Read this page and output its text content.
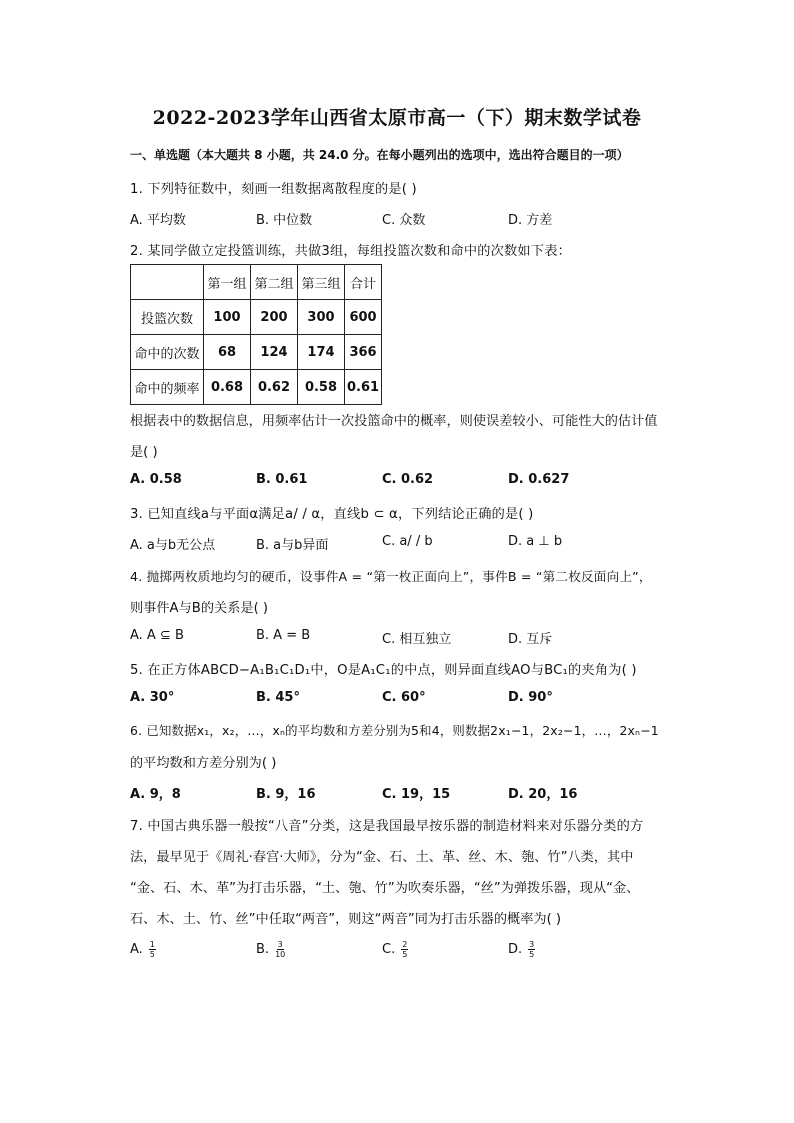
2022-2023学年山西省太原市高一（下）期末数学试卷
一、单选题（本大题共 8 小题，共 24.0 分。在每小题列出的选项中，选出符合题目的一项）
1. 下列特征数中，刻画一组数据离散程度的是( )
A. 平均数	B. 中位数	C. 众数	D. 方差
2. 某同学做立定投篮训练，共做3组，每组投篮次数和命中的次数如下表：
	第一组	第二组	第三组	合计
投篮次数	100	200	300	600
命中的次数	68	124	174	366
命中的频率	0.68	0.62	0.58	0.61
根据表中的数据信息，用频率估计一次投篮命中的概率，则使误差较小、可能性大的估计值
是( )
A. 0.58	B. 0.61	C. 0.62	D. 0.627
3. 已知直线a与平面α满足a/ / α，直线b ⊂ α，下列结论正确的是( )
A. a与b无公点	B. a与b异面	C. a/ / b	D. a ⊥ b
4. 抛掷两枚质地均匀的硬币，设事件A = “第一枚正面向上”，事件B = “第二枚反面向上”，
则事件A与B的关系是( )
A. A ⊆ B	B. A = B	C. 相互独立	D. 互斥
5. 在正方体ABCD−A₁B₁C₁D₁中，O是A₁C₁的中点，则异面直线AO与BC₁的夹角为( )
A. 30°	B. 45°	C. 60°	D. 90°
6. 已知数据x₁，x₂，…，xₙ的平均数和方差分别为5和4，则数据2x₁−1，2x₂−1，…，2xₙ−1
的平均数和方差分别为( )
A. 9，8	B. 9，16	C. 19，15	D. 20，16
7. 中国古典乐器一般按“八音”分类，这是我国最早按乐器的制造材料来对乐器分类的方
法，最早见于《周礼·春宫·大师》，分为“金、石、土、革、丝、木、匏、竹”八类，其中
“金、石、木、革”为打击乐器，“土、匏、竹”为吹奏乐器，“丝”为弹拨乐器，现从“金、
石、木、土、竹、丝”中任取“两音”，则这“两音”同为打击乐器的概率为( )
A. $\frac{1}{5}$	B. $\frac{3}{10}$	C. $\frac{2}{5}$	D. $\frac{3}{5}$
